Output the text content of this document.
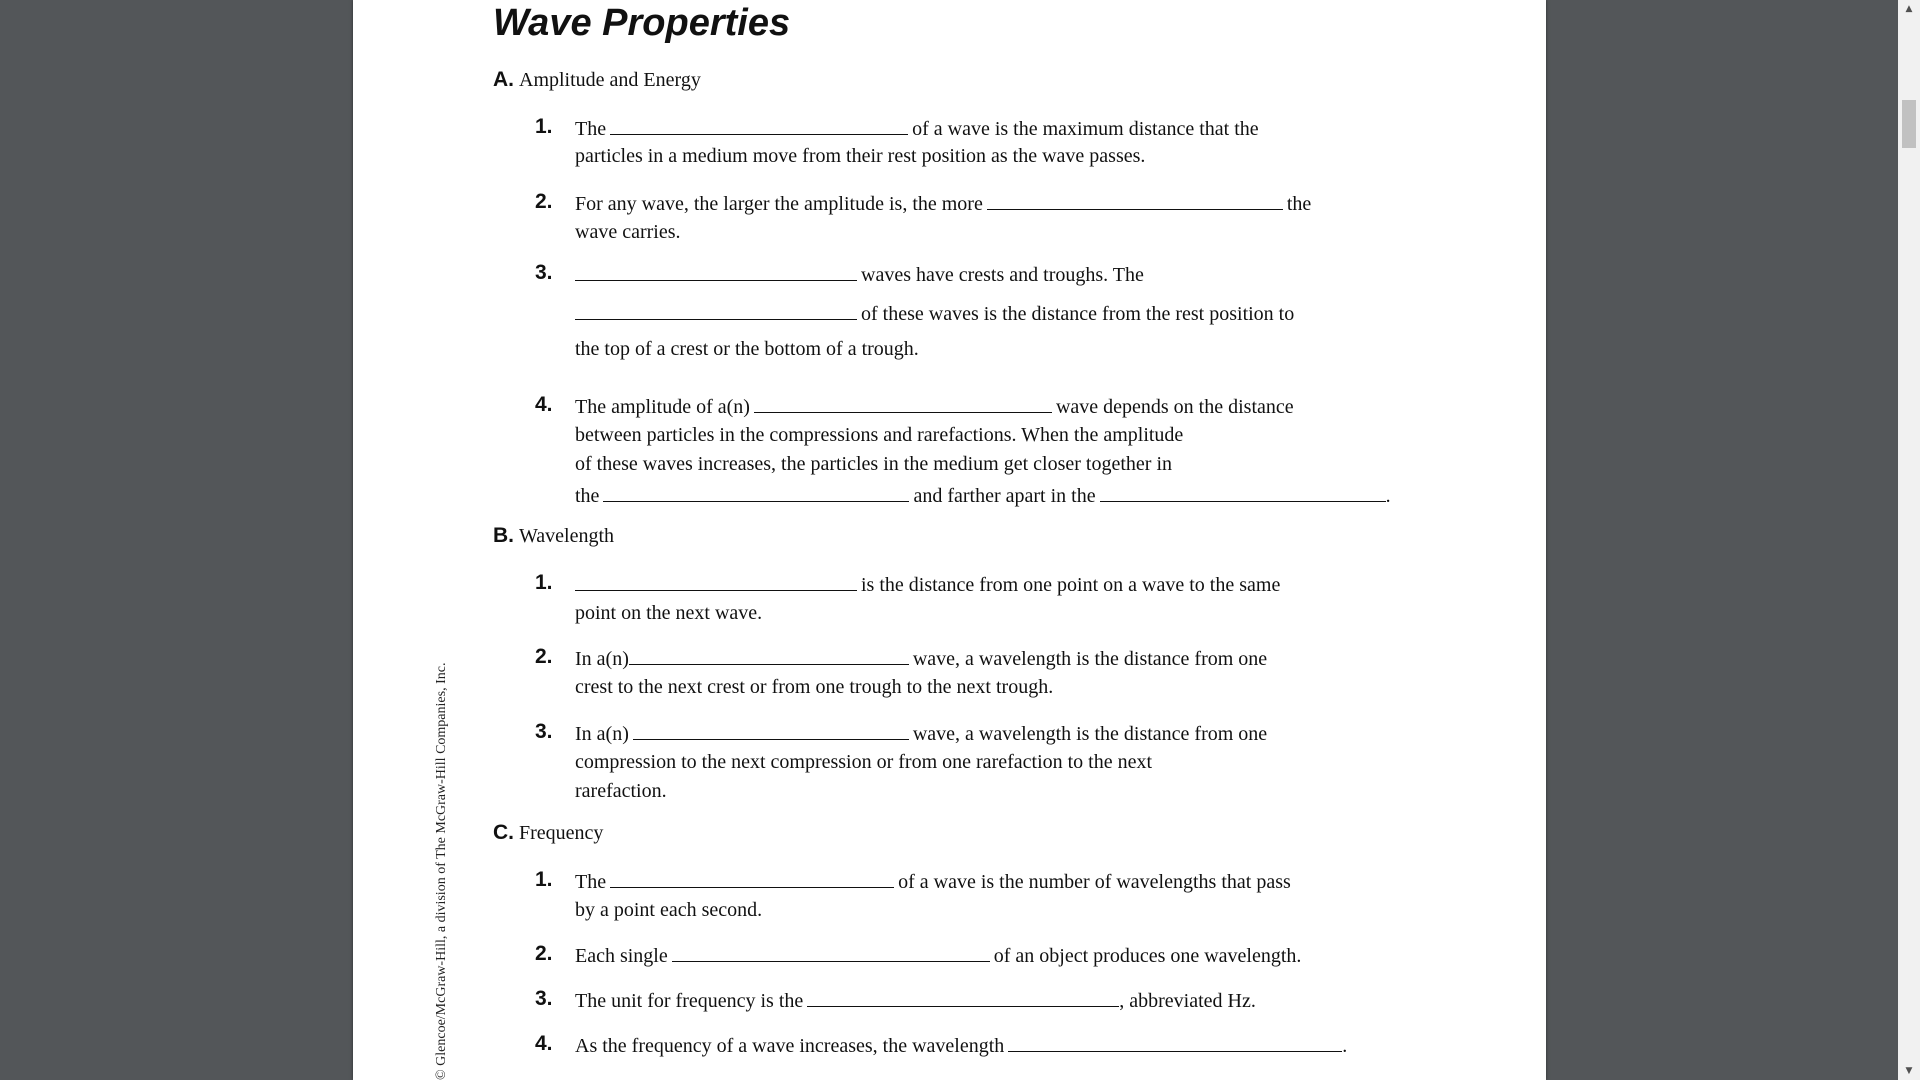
Wave Properties
© Glencoe/McGraw-Hill, a division of The McGraw-Hill Companies, Inc.
A. Amplitude and Energy
1. The	of a wave is the maximum distance that the
particles in a medium move from their rest position as the wave passes.
2. For any wave, the larger the amplitude is, the more	the
wave carries.
3.	waves have crests and troughs. The
of these waves is the distance from the rest position to
the top of a crest or the bottom of a trough.
4. The amplitude of a(n)	wave depends on the distance
between particles in the compressions and rarefactions. When the amplitude
of these waves increases, the particles in the medium get closer together in
the	and farther apart in the	.
B. Wavelength
1.	is the distance from one point on a wave to the same
point on the next wave.
2. In a(n)	wave, a wavelength is the distance from one
crest to the next crest or from one trough to the next trough.
3. In a(n)	wave, a wavelength is the distance from one
compression to the next compression or from one rarefaction to the next
rarefaction.
C. Frequency
1. The	of a wave is the number of wavelengths that pass
by a point each second.
2. Each single	of an object produces one wavelength.
3. The unit for frequency is the	, abbreviated Hz.
4. As the frequency of a wave increases, the wavelength	.
▲
▼
